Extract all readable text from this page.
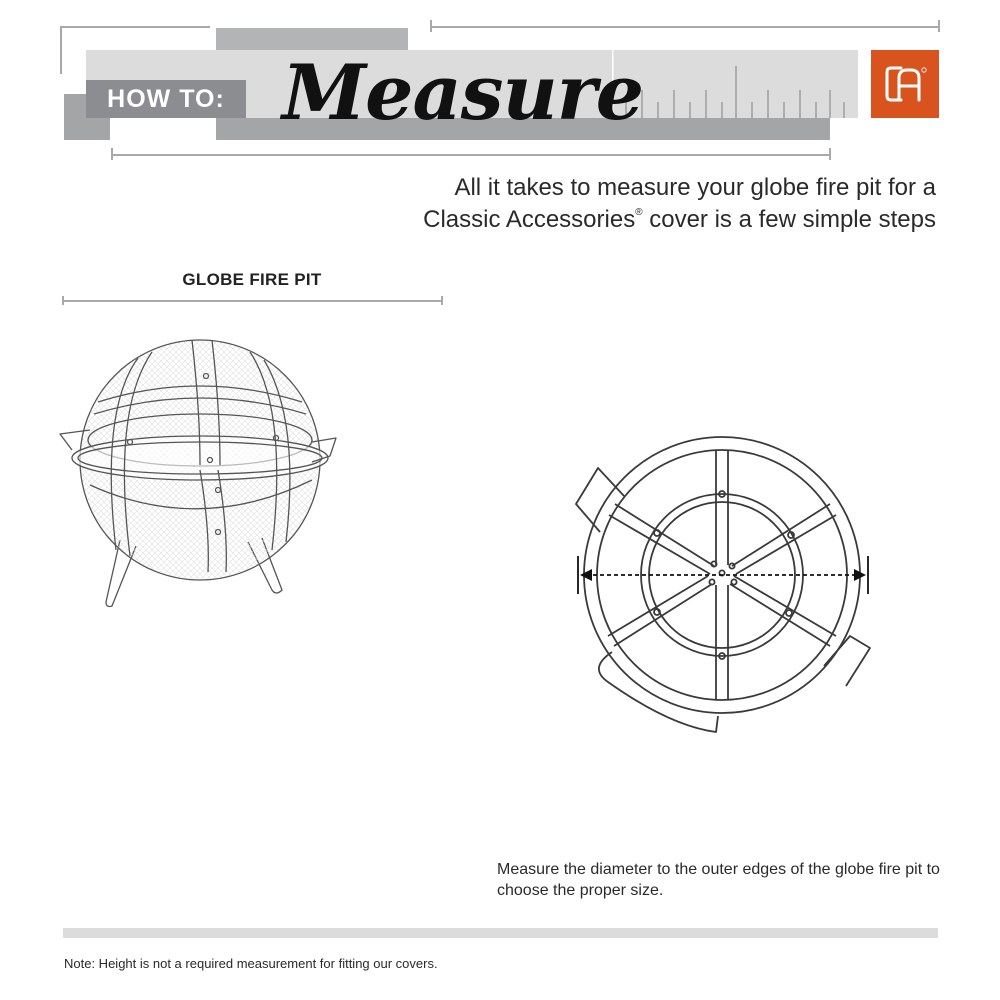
HOW TO: Measure
All it takes to measure your globe fire pit for a
Classic Accessories® cover is a few simple steps
GLOBE FIRE PIT
Measure the diameter to the outer edges of the globe fire pit to choose the proper size.
Note: Height is not a required measurement for fitting our covers.
